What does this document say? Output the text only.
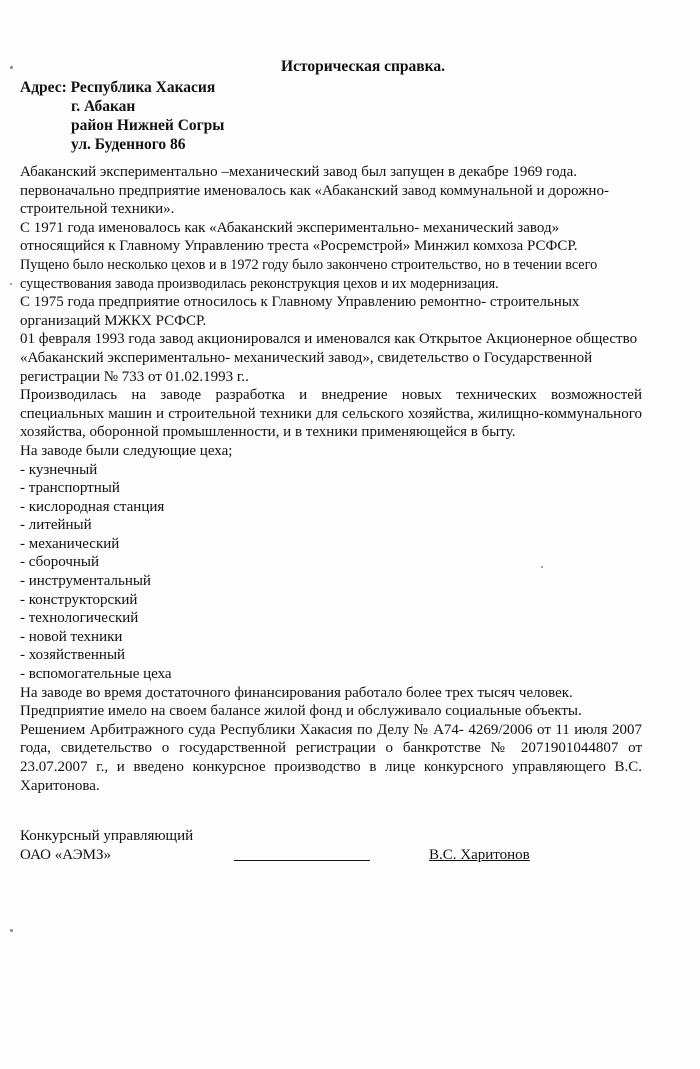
Историческая справка.
Адрес: Республика Хакасия
г. Абакан
район Нижней Согры
ул. Буденного 86

Абаканский экспериментально –механический завод был запущен в декабре 1969 года.

первоначально предприятие именовалось как «Абаканский завод коммунальной и дорожно- строительной техники».

С 1971 года именовалось как «Абаканский экспериментально- механический завод» относящийся к Главному Управлению треста «Росремстрой» Минжил комхоза РСФСР.

Пущено было несколько цехов и в 1972 году было закончено строительство, но в течении всего существования завода производилась реконструкция цехов и их модернизация.

С 1975 года предприятие относилось к Главному Управлению ремонтно- строительных организаций МЖКХ РСФСР.

01 февраля 1993 года завод акционировался и именовался как Открытое Акционерное общество «Абаканский экспериментально- механический завод», свидетельство о Государственной регистрации № 733 от 01.02.1993 г..

Производилась на заводе разработка и внедрение новых технических возможностей специальных машин и строительной техники для сельского хозяйства, жилищно-коммунального хозяйства, оборонной промышленности, и в техники применяющейся в быту.

На заводе были следующие цеха;

- кузнечный
- транспортный
- кислородная станция
- литейный
- механический
- сборочный
- инструментальный
- конструкторский
- технологический
- новой техники
- хозяйственный
- вспомогательные цеха

На заводе во время достаточного финансирования работало более трех тысяч человек.

Предприятие имело на своем балансе жилой фонд и обслуживало социальные объекты.

Решением Арбитражного суда Республики Хакасия по Делу № А74- 4269/2006 от 11 июля 2007 года, свидетельство о государственной регистрации о банкротстве № 2071901044807 от 23.07.2007 г., и введено конкурсное производство в лице конкурсного управляющего В.С. Харитонова.

Конкурсный управляющий
ОАО «АЭМЗ»	В.С. Харитонов
